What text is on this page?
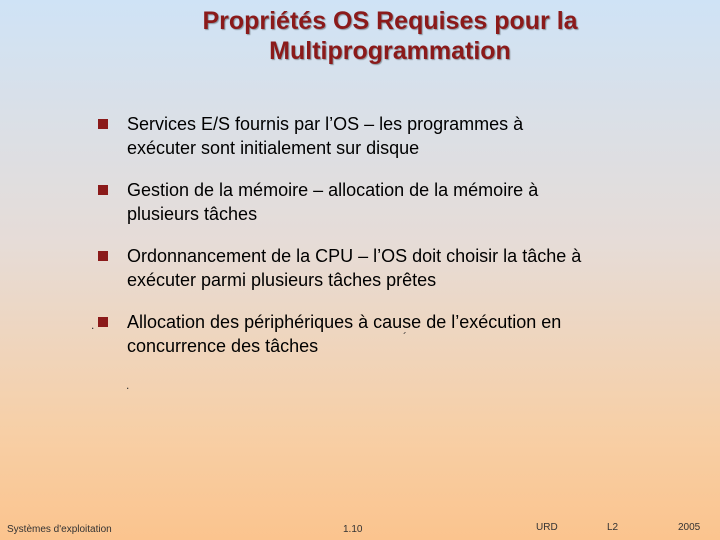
Propriétés OS Requises pour la
Multiprogrammation
Services E/S fournis par l’OS – les programmes à
exécuter sont initialement sur disque
Gestion de la mémoire – allocation de la mémoire à
plusieurs tâches
Ordonnancement de la CPU – l’OS doit choisir la tâche à
exécuter parmi plusieurs tâches prêtes
Allocation des périphériques à cause de l’exécution en
concurrence des tâches
.
´
.
Systèmes d'exploitation	1.10	URD	L2	2005
